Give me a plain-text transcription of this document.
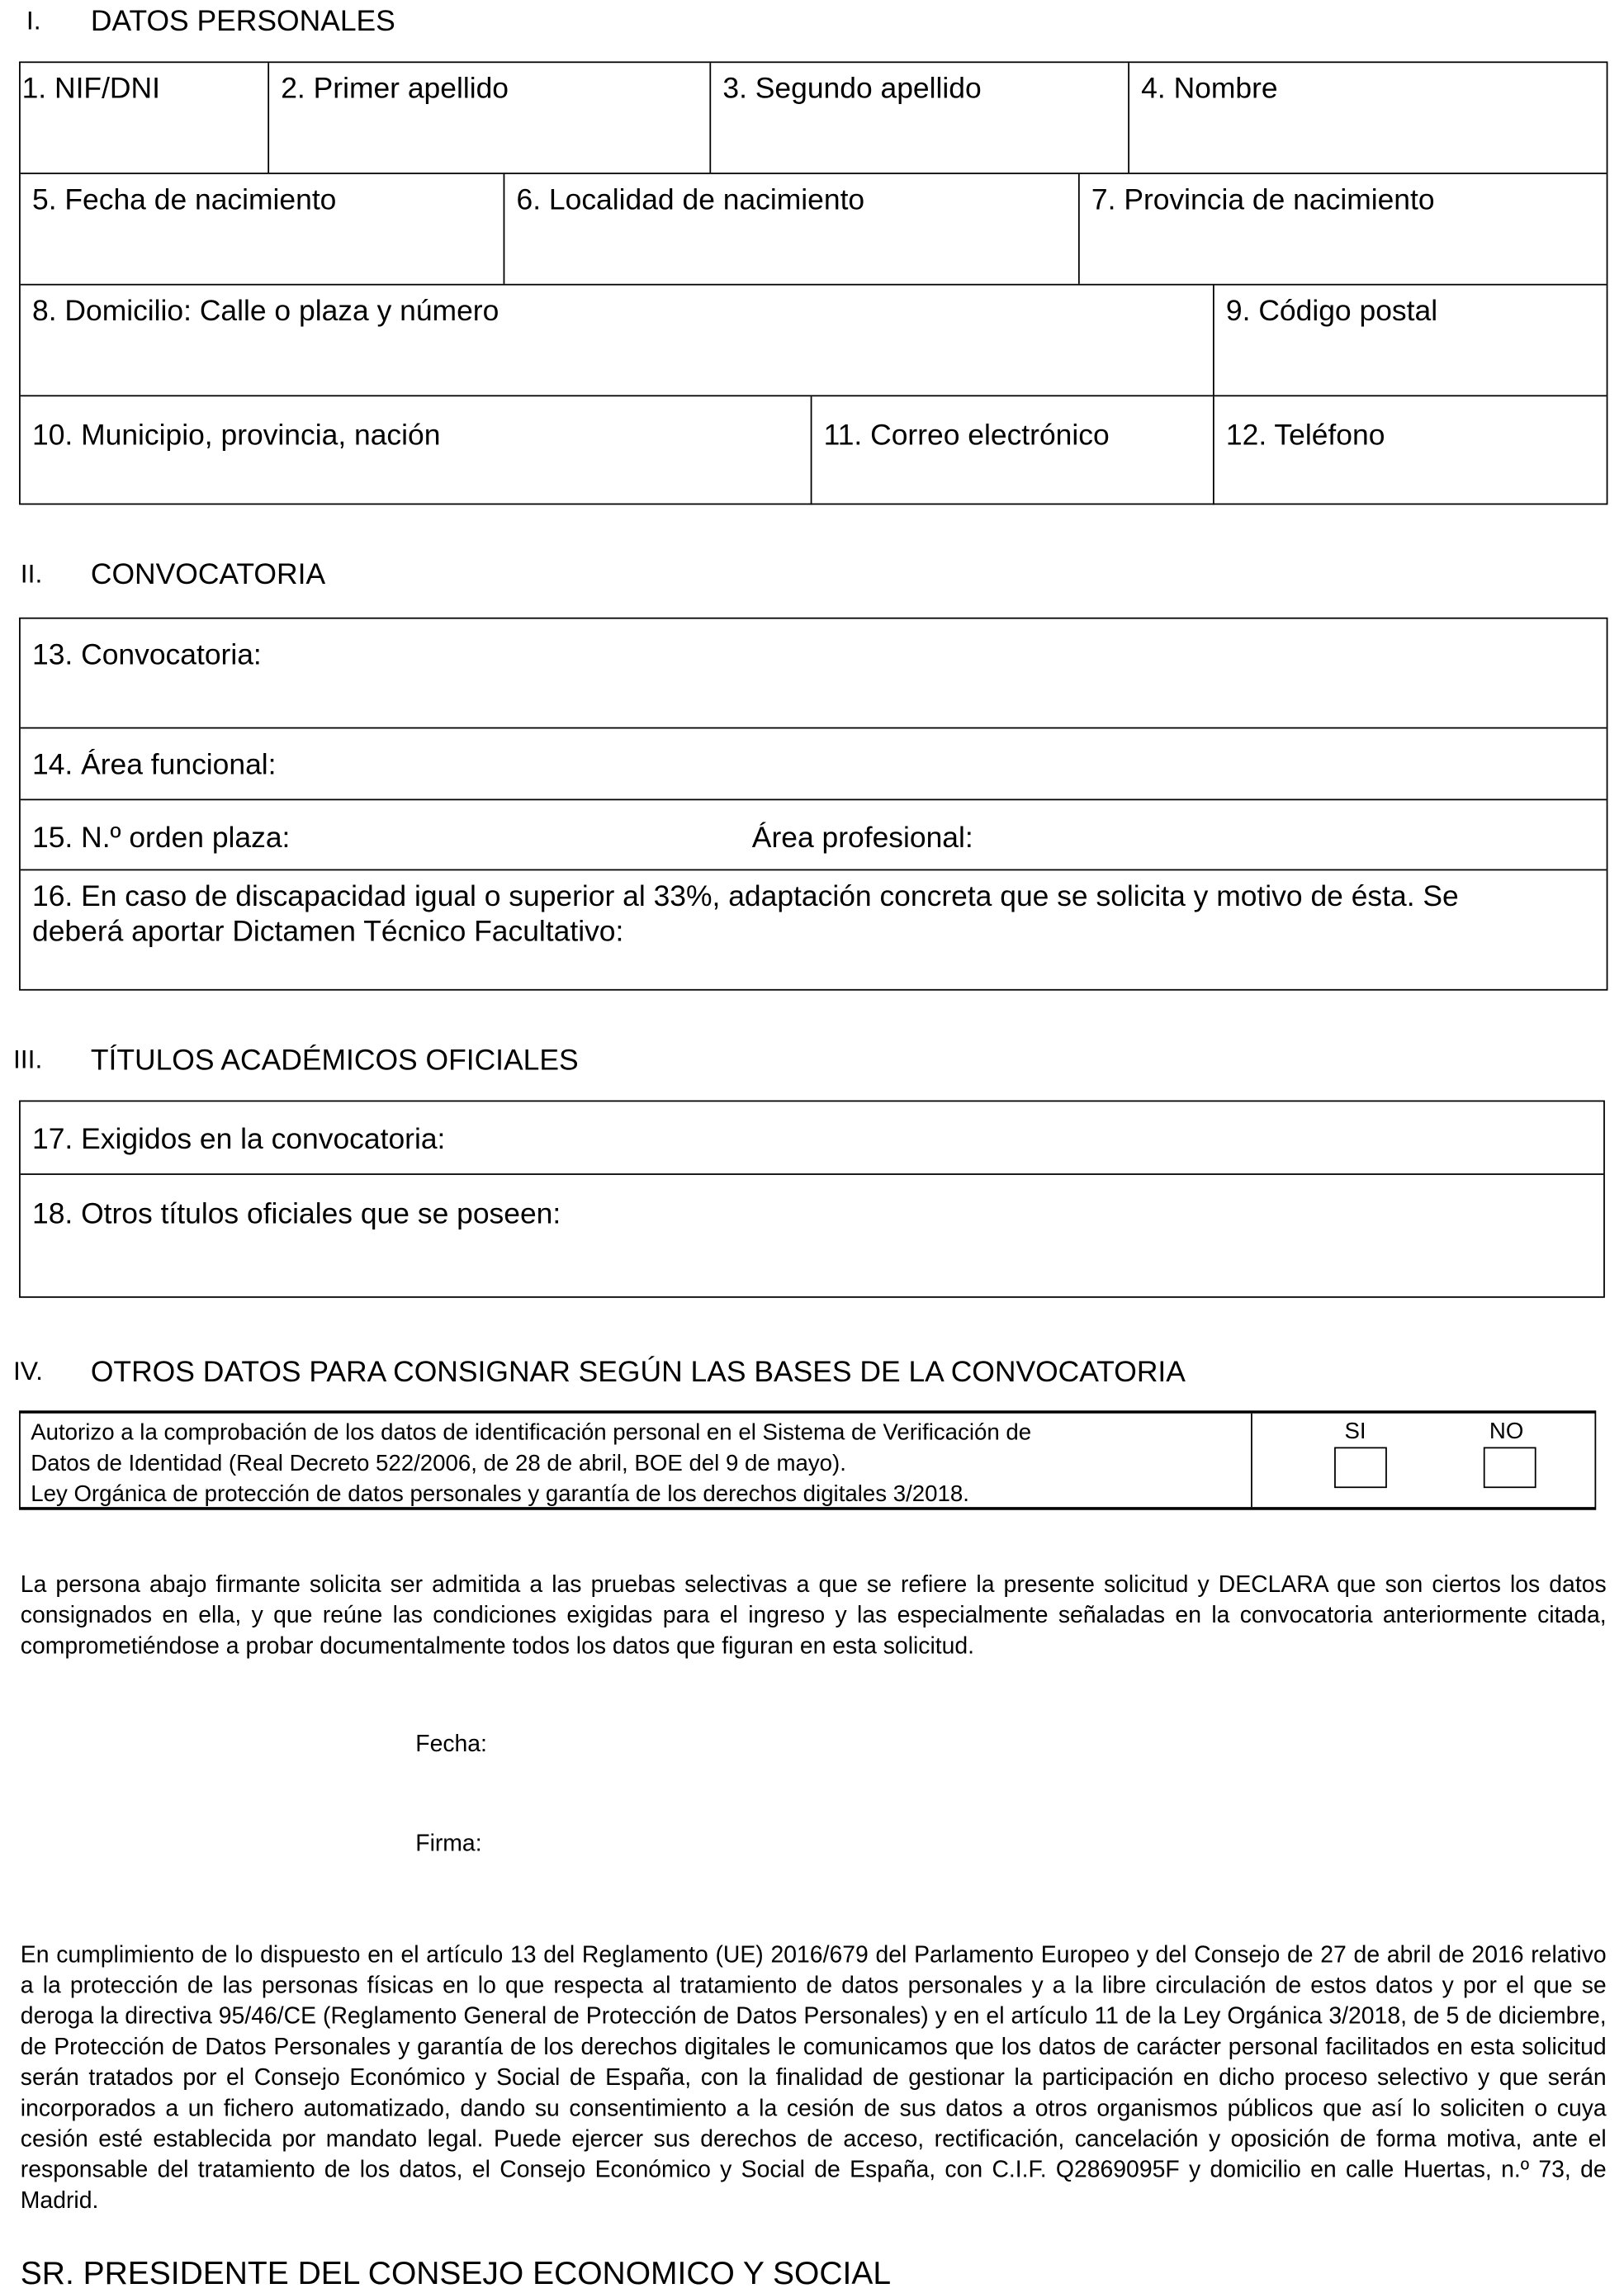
I.	DATOS PERSONALES
1. NIF/DNI	2. Primer apellido	3. Segundo apellido	4. Nombre
5. Fecha de nacimiento	6. Localidad de nacimiento	7. Provincia de nacimiento
8. Domicilio: Calle o plaza y número	9. Código postal
10. Municipio, provincia, nación	11. Correo electrónico	12. Teléfono
II.	CONVOCATORIA
13. Convocatoria:
14. Área funcional:
15. N.º orden plaza:	Área profesional:
16. En caso de discapacidad igual o superior al 33%, adaptación concreta que se solicita y motivo de ésta. Se deberá aportar Dictamen Técnico Facultativo:
III.	TÍTULOS ACADÉMICOS OFICIALES
17. Exigidos en la convocatoria:
18. Otros títulos oficiales que se poseen:
IV.	OTROS DATOS PARA CONSIGNAR SEGÚN LAS BASES DE LA CONVOCATORIA
Autorizo a la comprobación de los datos de identificación personal en el Sistema de Verificación de
Datos de Identidad (Real Decreto 522/2006, de 28 de abril, BOE del 9 de mayo).
Ley Orgánica de protección de datos personales y garantía de los derechos digitales 3/2018.
SI	NO
La persona abajo firmante solicita ser admitida a las pruebas selectivas a que se refiere la presente solicitud y DECLARA que son ciertos los datos consignados en ella, y que reúne las condiciones exigidas para el ingreso y las especialmente señaladas en la convocatoria anteriormente citada, comprometiéndose a probar documentalmente todos los datos que figuran en esta solicitud.
Fecha:
Firma:
En cumplimiento de lo dispuesto en el artículo 13 del Reglamento (UE) 2016/679 del Parlamento Europeo y del Consejo de 27 de abril de 2016 relativo a la protección de las personas físicas en lo que respecta al tratamiento de datos personales y a la libre circulación de estos datos y por el que se deroga la directiva 95/46/CE (Reglamento General de Protección de Datos Personales) y en el artículo 11 de la Ley Orgánica 3/2018, de 5 de diciembre, de Protección de Datos Personales y garantía de los derechos digitales le comunicamos que los datos de carácter personal facilitados en esta solicitud serán tratados por el Consejo Económico y Social de España, con la finalidad de gestionar la participación en dicho proceso selectivo y que serán incorporados a un fichero automatizado, dando su consentimiento a la cesión de sus datos a otros organismos públicos que así lo soliciten o cuya cesión esté establecida por mandato legal. Puede ejercer sus derechos de acceso, rectificación, cancelación y oposición de forma motiva, ante el responsable del tratamiento de los datos, el Consejo Económico y Social de España, con C.I.F. Q2869095F y domicilio en calle Huertas, n.º 73, de Madrid.
SR. PRESIDENTE DEL CONSEJO ECONOMICO Y SOCIAL
